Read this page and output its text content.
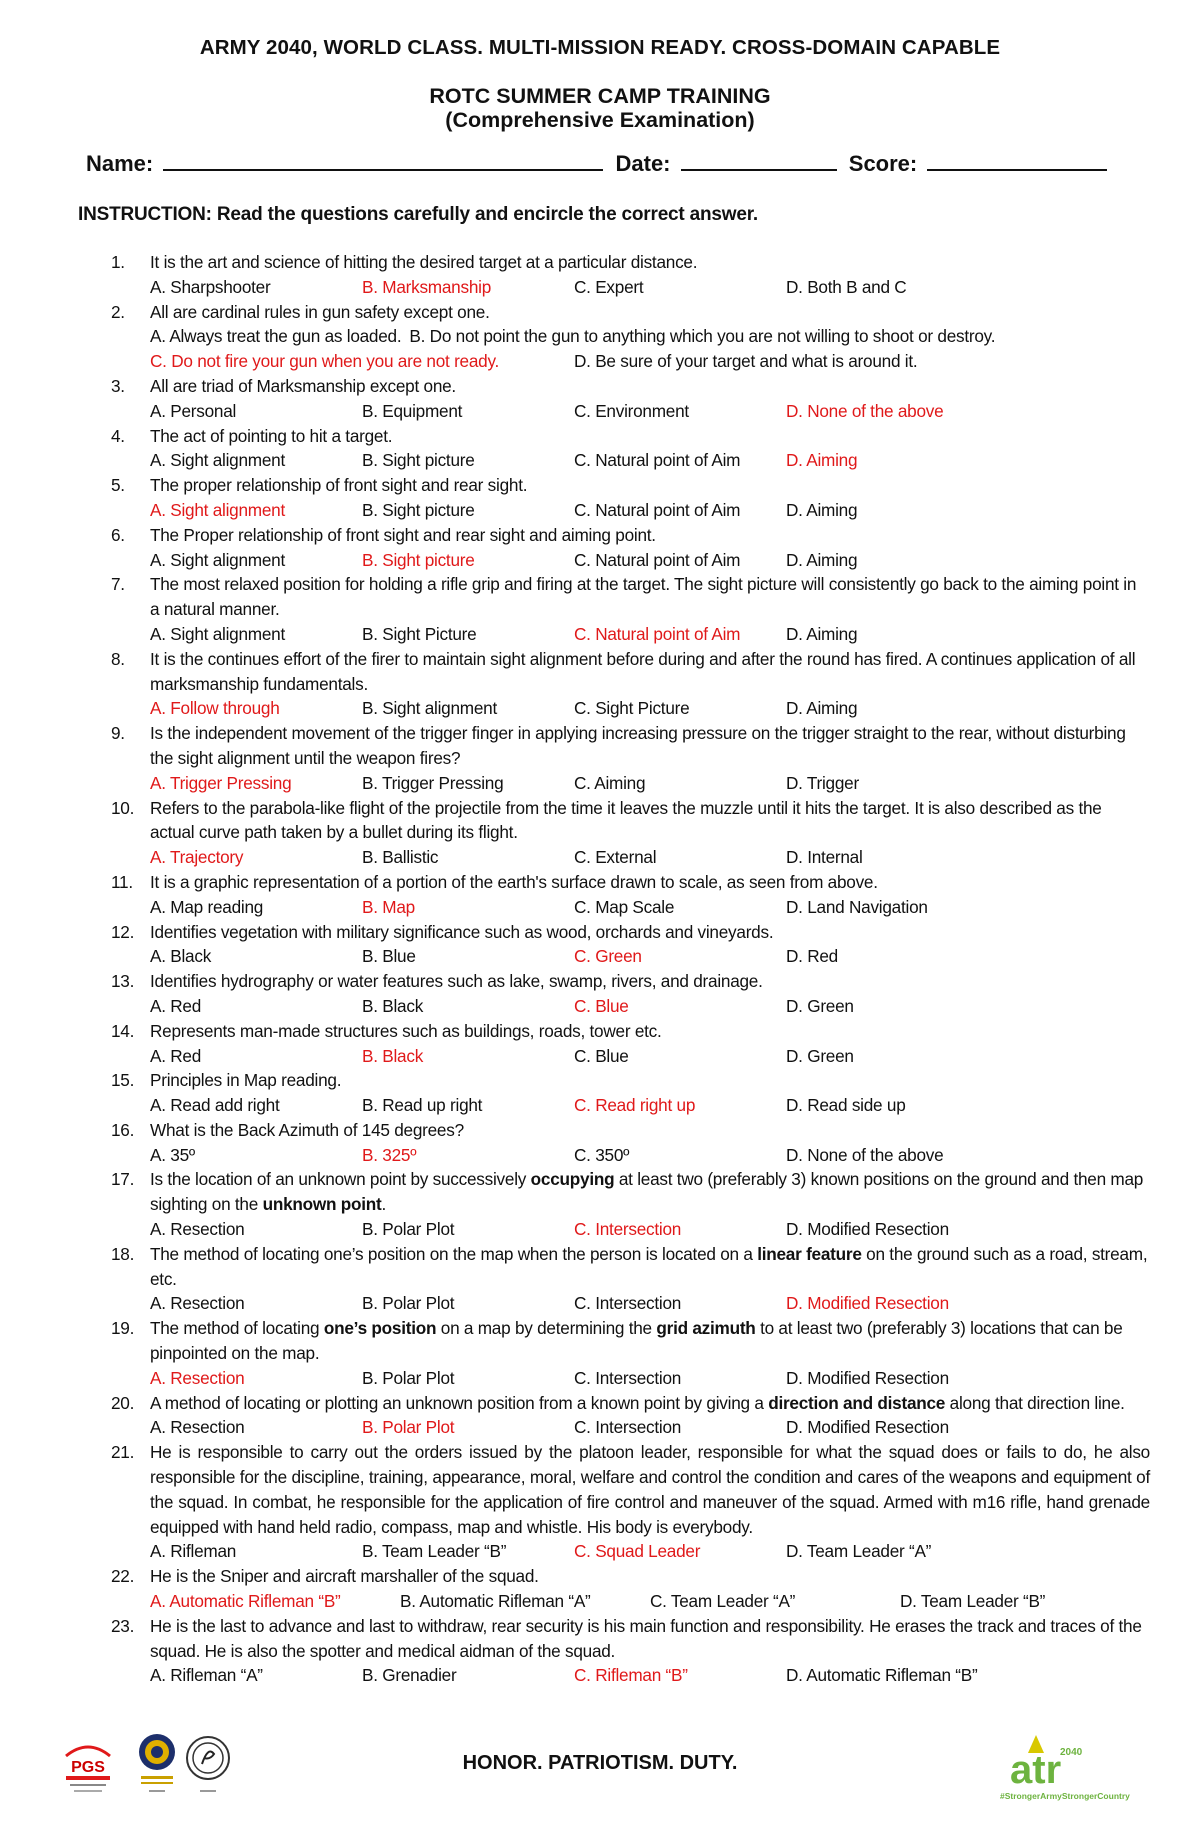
ARMY 2040, WORLD CLASS. MULTI-MISSION READY. CROSS-DOMAIN CAPABLE
ROTC SUMMER CAMP TRAINING
(Comprehensive Examination)
Name:	Date:	Score:
INSTRUCTION: Read the questions carefully and encircle the correct answer.
1.	It is the art and science of hitting the desired target at a particular distance.
A. Sharpshooter	B. Marksmanship	C. Expert	D. Both B and C
2.	All are cardinal rules in gun safety except one.
A. Always treat the gun as loaded. B. Do not point the gun to anything which you are not willing to shoot or destroy.
C. Do not fire your gun when you are not ready.	D. Be sure of your target and what is around it.
3.	All are triad of Marksmanship except one.
A. Personal	B. Equipment	C. Environment	D. None of the above
4.	The act of pointing to hit a target.
A. Sight alignment	B. Sight picture	C. Natural point of Aim	D. Aiming
5.	The proper relationship of front sight and rear sight.
A. Sight alignment	B. Sight picture	C. Natural point of Aim	D. Aiming
6.	The Proper relationship of front sight and rear sight and aiming point.
A. Sight alignment	B. Sight picture	C. Natural point of Aim	D. Aiming
7.	The most relaxed position for holding a rifle grip and firing at the target. The sight picture will consistently go back to the aiming point in a natural manner.
A. Sight alignment	B. Sight Picture	C. Natural point of Aim	D. Aiming
8.	It is the continues effort of the firer to maintain sight alignment before during and after the round has fired. A continues application of all marksmanship fundamentals.
A. Follow through	B. Sight alignment	C. Sight Picture	D. Aiming
9.	Is the independent movement of the trigger finger in applying increasing pressure on the trigger straight to the rear, without disturbing the sight alignment until the weapon fires?
A. Trigger Pressing	B. Trigger Pressing	C. Aiming	D. Trigger
10. Refers to the parabola-like flight of the projectile from the time it leaves the muzzle until it hits the target. It is also described as the actual curve path taken by a bullet during its flight.
A. Trajectory	B. Ballistic	C. External	D. Internal
11. It is a graphic representation of a portion of the earth's surface drawn to scale, as seen from above.
A. Map reading	B. Map	C. Map Scale	D. Land Navigation
12. Identifies vegetation with military significance such as wood, orchards and vineyards.
A. Black	B. Blue	C. Green	D. Red
13. Identifies hydrography or water features such as lake, swamp, rivers, and drainage.
A. Red	B. Black	C. Blue	D. Green
14. Represents man-made structures such as buildings, roads, tower etc.
A. Red	B. Black	C. Blue	D. Green
15. Principles in Map reading.
A. Read add right	B. Read up right	C. Read right up	D. Read side up
16. What is the Back Azimuth of 145 degrees?
A. 35º	B. 325º	C. 350º	D. None of the above
17. Is the location of an unknown point by successively occupying at least two (preferably 3) known positions on the ground and then map sighting on the unknown point.
A. Resection	B. Polar Plot	C. Intersection	D. Modified Resection
18. The method of locating one’s position on the map when the person is located on a linear feature on the ground such as a road, stream, etc.
A. Resection	B. Polar Plot	C. Intersection	D. Modified Resection
19. The method of locating one’s position on a map by determining the grid azimuth to at least two (preferably 3) locations that can be pinpointed on the map.
A. Resection	B. Polar Plot	C. Intersection	D. Modified Resection
20. A method of locating or plotting an unknown position from a known point by giving a direction and distance along that direction line.
A. Resection	B. Polar Plot	C. Intersection	D. Modified Resection
21. He is responsible to carry out the orders issued by the platoon leader, responsible for what the squad does or fails to do, he also responsible for the discipline, training, appearance, moral, welfare and control the condition and cares of the weapons and equipment of the squad. In combat, he responsible for the application of fire control and maneuver of the squad. Armed with m16 rifle, hand grenade equipped with hand held radio, compass, map and whistle. His body is everybody.
A. Rifleman	B. Team Leader “B”	C. Squad Leader	D. Team Leader “A”
22. He is the Sniper and aircraft marshaller of the squad.
A. Automatic Rifleman “B”	B. Automatic Rifleman “A”	C. Team Leader “A”	D. Team Leader “B”
23. He is the last to advance and last to withdraw, rear security is his main function and responsibility. He erases the track and traces of the squad. He is also the spotter and medical aidman of the squad.
A. Rifleman “A”	B. Grenadier	C. Rifleman “B”	D. Automatic Rifleman “B”
HONOR. PATRIOTISM. DUTY.
PGS	atr
2040
#StrongerArmyStrongerCountry
